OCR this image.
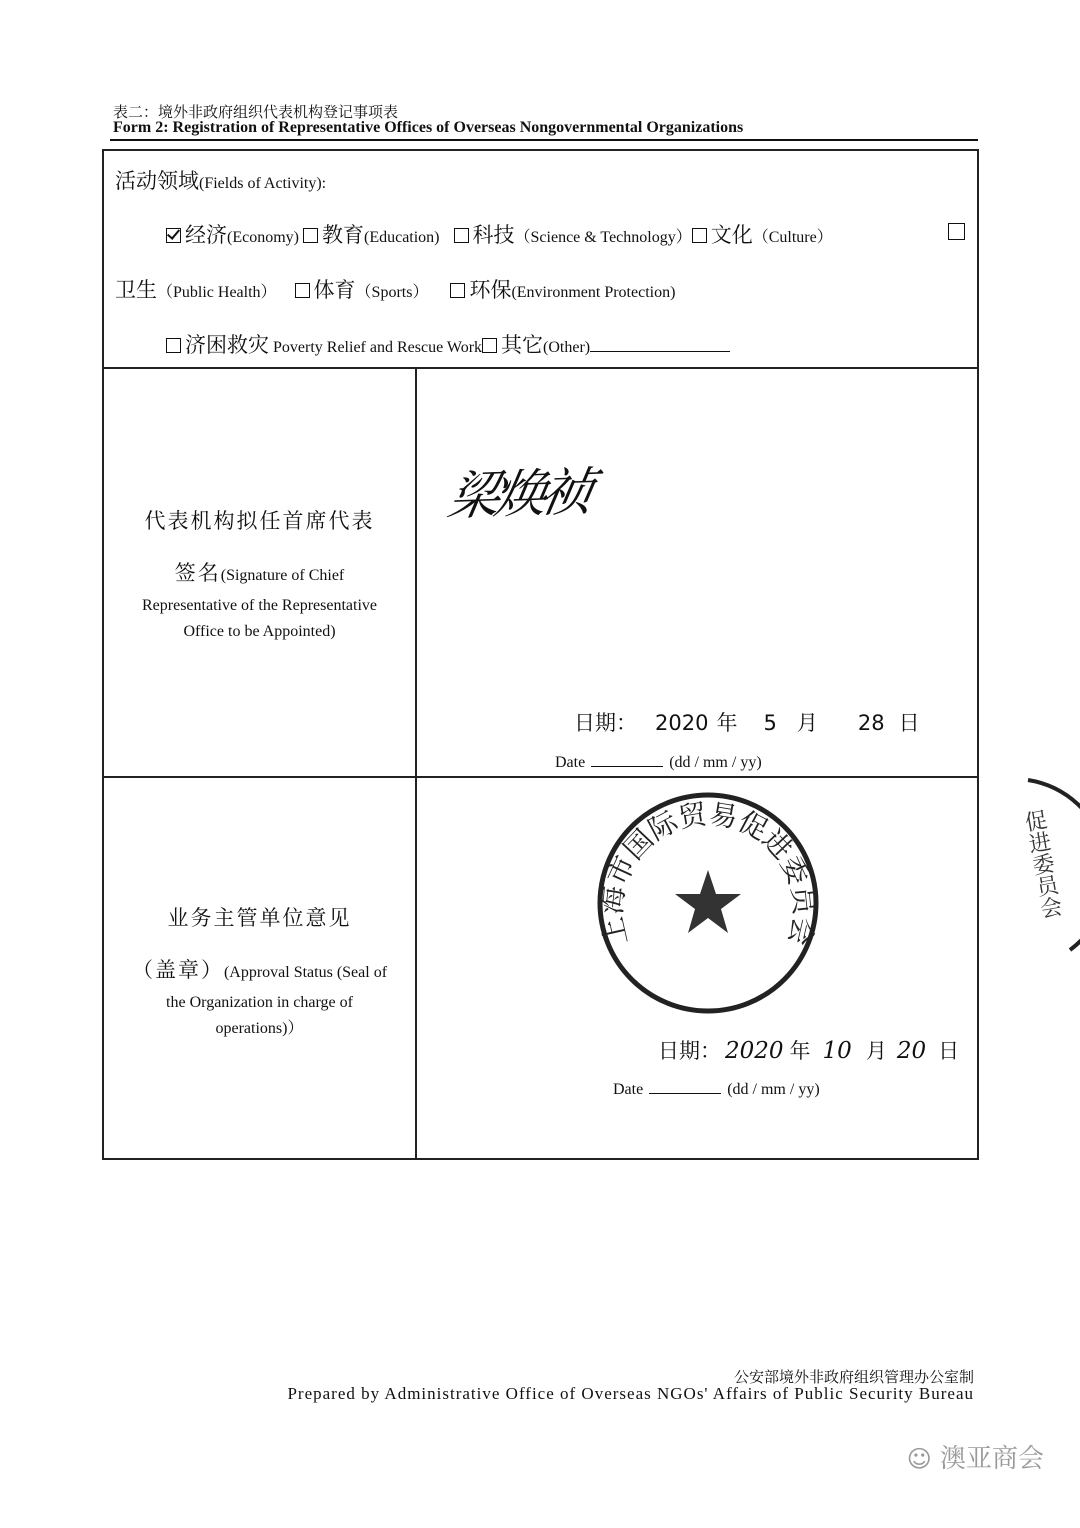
表二：境外非政府组织代表机构登记事项表
Form 2: Registration of Representative Offices of Overseas Nongovernmental Organizations
活动领域(Fields of Activity):
经济(Economy) 教育(Education) 科技（Science & Technology） 文化（Culture）
卫生（Public Health） 体育（Sports） 环保(Environment Protection)
济困救灾 Poverty Relief and Rescue Work 其它(Other)
代表机构拟任首席代表
签名(Signature of Chief
Representative of the Representative
Office to be Appointed)
梁焕祯
日期： 2020 年 5 月 28 日
Date	(dd / mm / yy)
业务主管单位意见
（盖章）(Approval Status (Seal of
the Organization in charge of
operations)）
上海市国际贸易促进委员会
促进委员会
日期： 2020 年 10 月 20 日
Date	(dd / mm / yy)
公安部境外非政府组织管理办公室制
Prepared by Administrative Office of Overseas NGOs' Affairs of Public Security Bureau
☺ 澳亚商会
